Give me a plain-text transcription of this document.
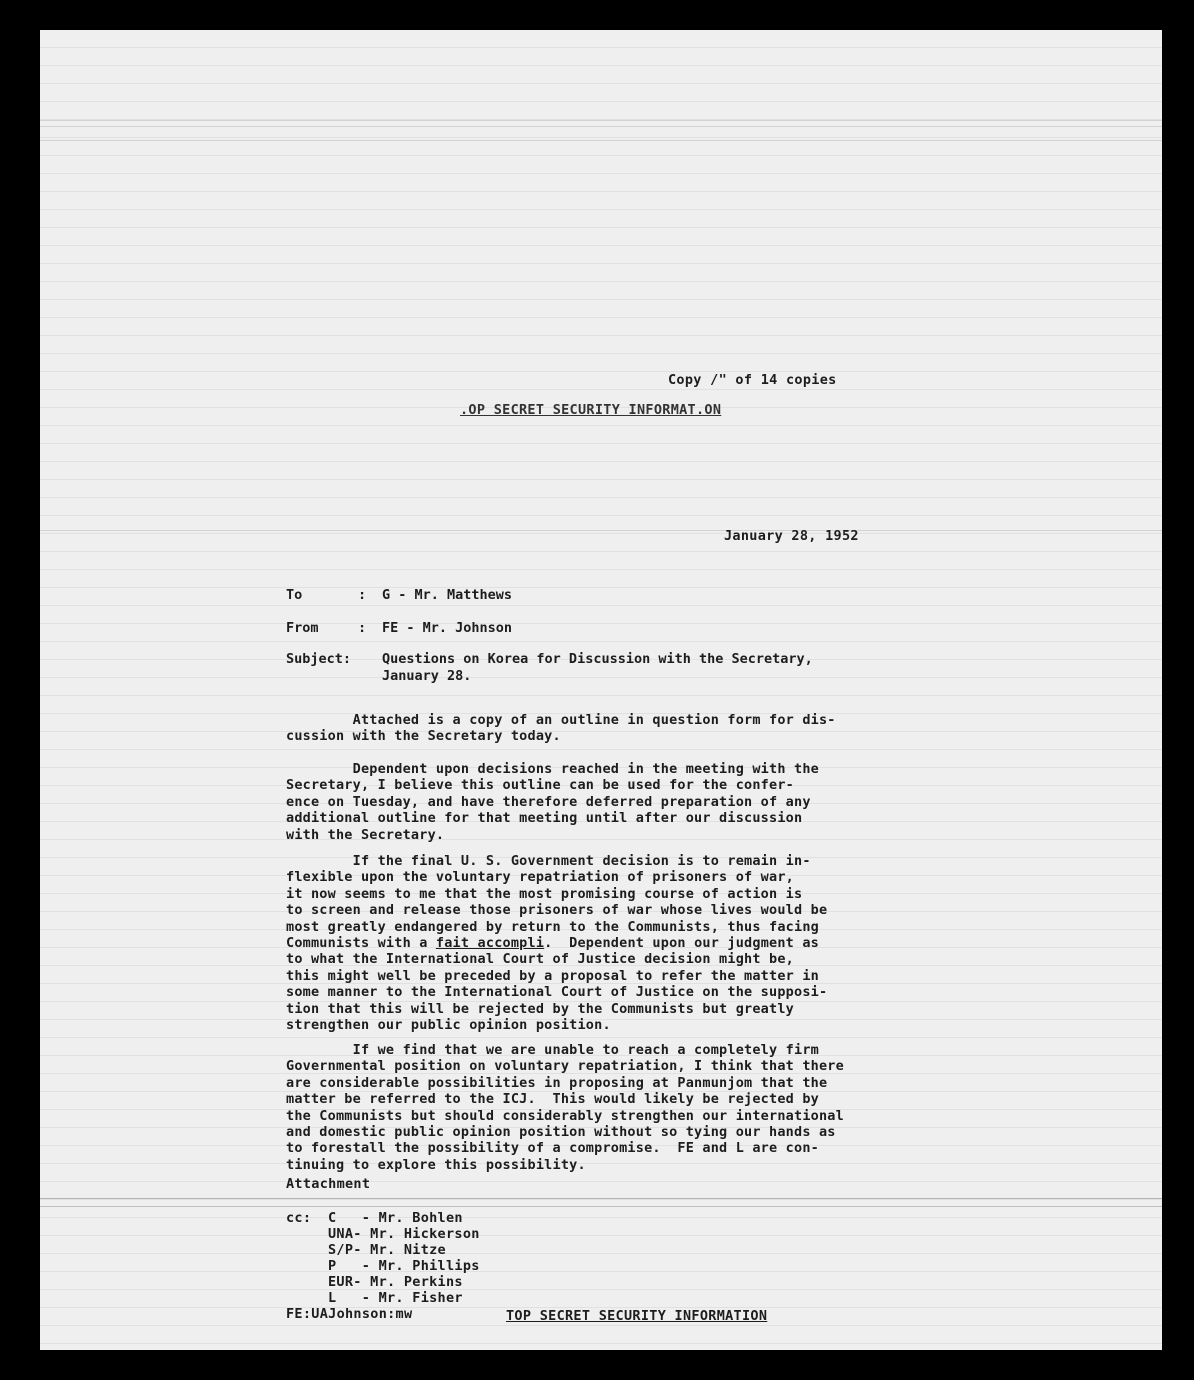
Copy /" of 14 copies
.OP SECRET SECURITY INFORMAT.ON
January 28, 1952
To	: G - Mr. Matthews
From	: FE - Mr. Johnson
Subject:	Questions on Korea for Discussion with the Secretary,
January 28.
Attached is a copy of an outline in question form for dis-
cussion with the Secretary today.
Dependent upon decisions reached in the meeting with the
Secretary, I believe this outline can be used for the confer-
ence on Tuesday, and have therefore deferred preparation of any
additional outline for that meeting until after our discussion
with the Secretary.
If the final U. S. Government decision is to remain in-
flexible upon the voluntary repatriation of prisoners of war,
it now seems to me that the most promising course of action is
to screen and release those prisoners of war whose lives would be
most greatly endangered by return to the Communists, thus facing
Communists with a fait accompli.  Dependent upon our judgment as
to what the International Court of Justice decision might be,
this might well be preceded by a proposal to refer the matter in
some manner to the International Court of Justice on the supposi-
tion that this will be rejected by the Communists but greatly
strengthen our public opinion position.
If we find that we are unable to reach a completely firm
Governmental position on voluntary repatriation, I think that there
are considerable possibilities in proposing at Panmunjom that the
matter be referred to the ICJ.  This would likely be rejected by
the Communists but should considerably strengthen our international
and domestic public opinion position without so tying our hands as
to forestall the possibility of a compromise.  FE and L are con-
tinuing to explore this possibility.
Attachment
cc: C   - Mr. Bohlen
UNA- Mr. Hickerson
S/P- Mr. Nitze
P   - Mr. Phillips
EUR- Mr. Perkins
L   - Mr. Fisher
FE:UAJohnson:mw	TOP SECRET SECURITY INFORMATION
